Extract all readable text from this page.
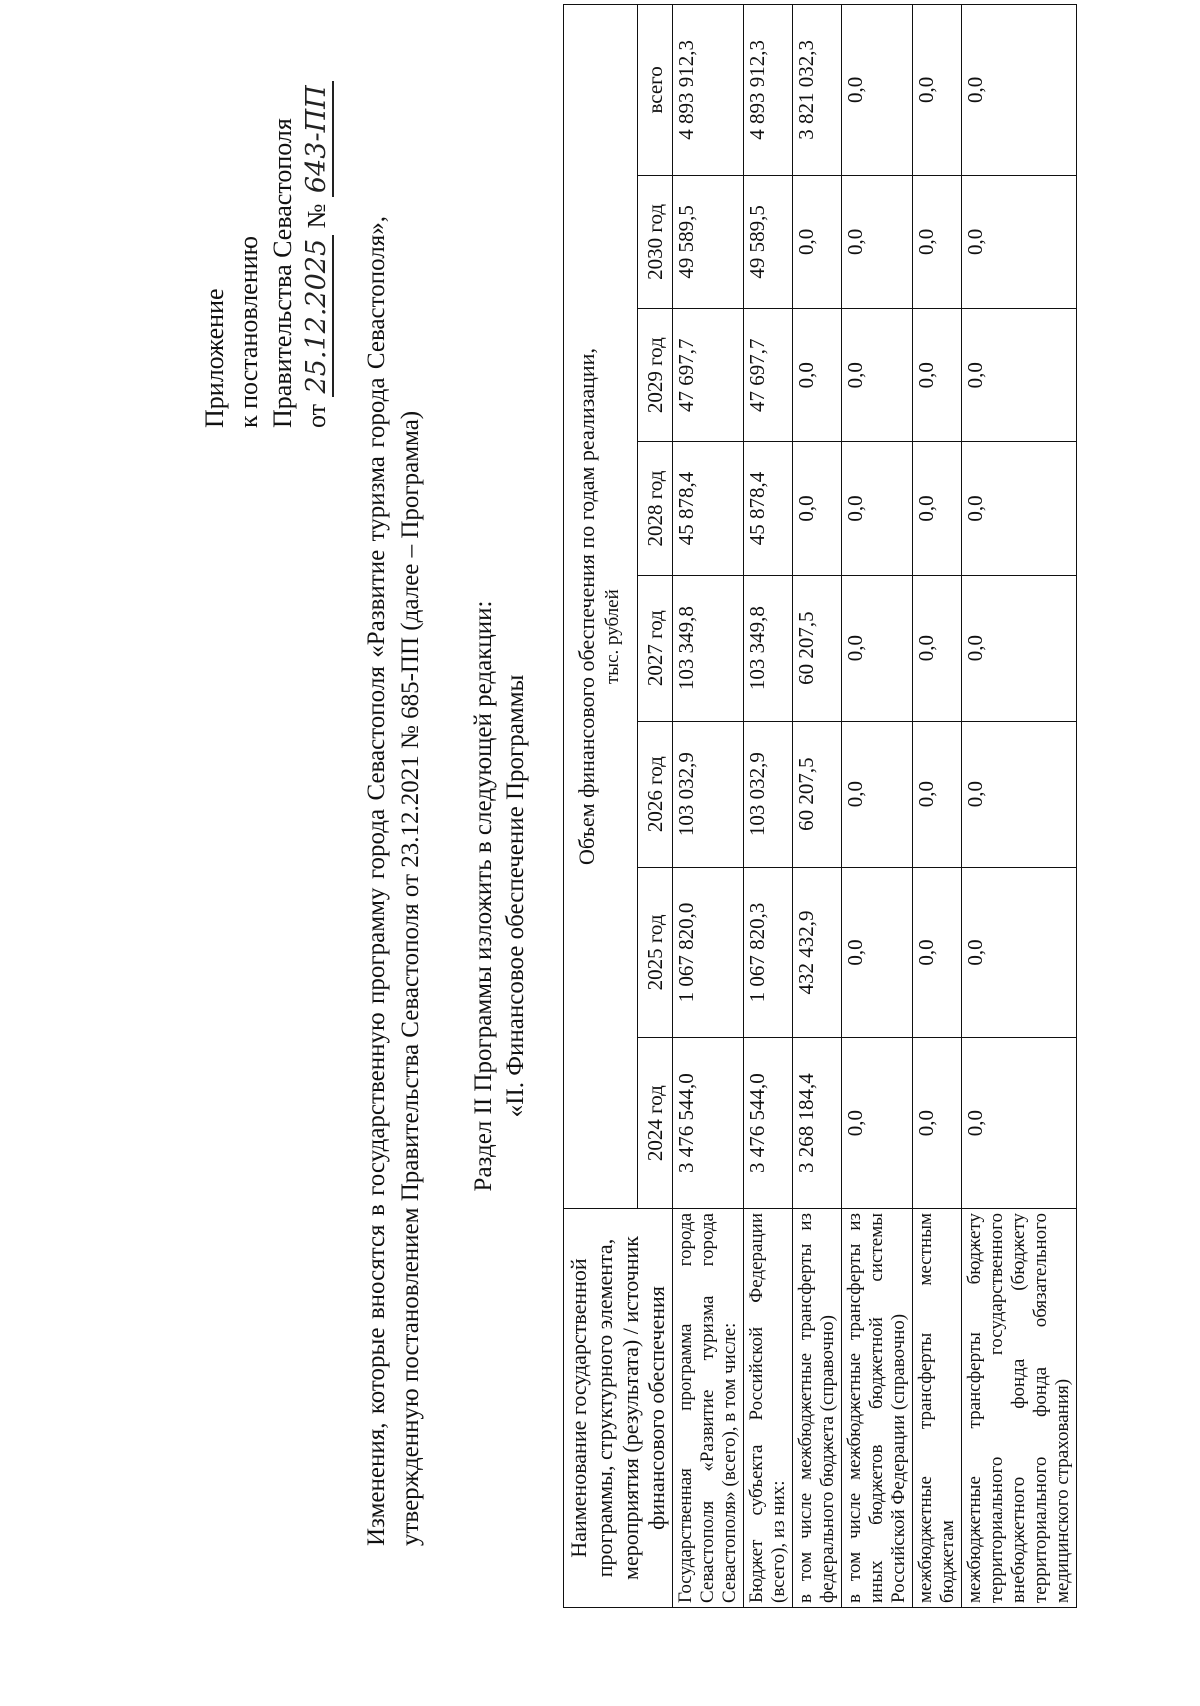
Приложение к постановлению Правительства Севастополя от 25.12.2025 № 643-ПП
Изменения, которые вносятся в государственную программу города Севастополя «Развитие туризма города Севастополя», утвержденную постановлением Правительства Севастополя от 23.12.2021 № 685-ПП (далее – Программа) Раздел II Программы изложить в следующей редакции: «II. Финансовое обеспечение Программы
Наименование государственной программы, структурного элемента, мероприятия (результата) / источник финансового обеспечения	Объем финансового обеспечения по годам реализации, тыс. рублей							

	2024 год	2025 год	2026 год	2027 год	2028 год	2029 год	2030 год	всего
Государственная программа города Севастополя «Развитие туризма города Севастополя» (всего), в том числе:	3 476 544,0	1 067 820,0	103 032,9	103 349,8	45 878,4	47 697,7	49 589,5	4 893 912,3
Бюджет субъекта Российской Федерации (всего), из них:	3 476 544,0	1 067 820,3	103 032,9	103 349,8	45 878,4	47 697,7	49 589,5	4 893 912,3
в том числе межбюджетные трансферты из федерального бюджета (справочно)	3 268 184,4	432 432,9	60 207,5	60 207,5	0,0	0,0	0,0	3 821 032,3
в том числе межбюджетные трансферты из иных бюджетов бюджетной системы Российской Федерации (справочно)	0,0	0,0	0,0	0,0	0,0	0,0	0,0	0,0
межбюджетные трансферты местным бюджетам	0,0	0,0	0,0	0,0	0,0	0,0	0,0	0,0
межбюджетные трансферты бюджету территориального государственного внебюджетного фонда (бюджету территориального фонда обязательного медицинского страхования)	0,0	0,0	0,0	0,0	0,0	0,0	0,0	0,0
